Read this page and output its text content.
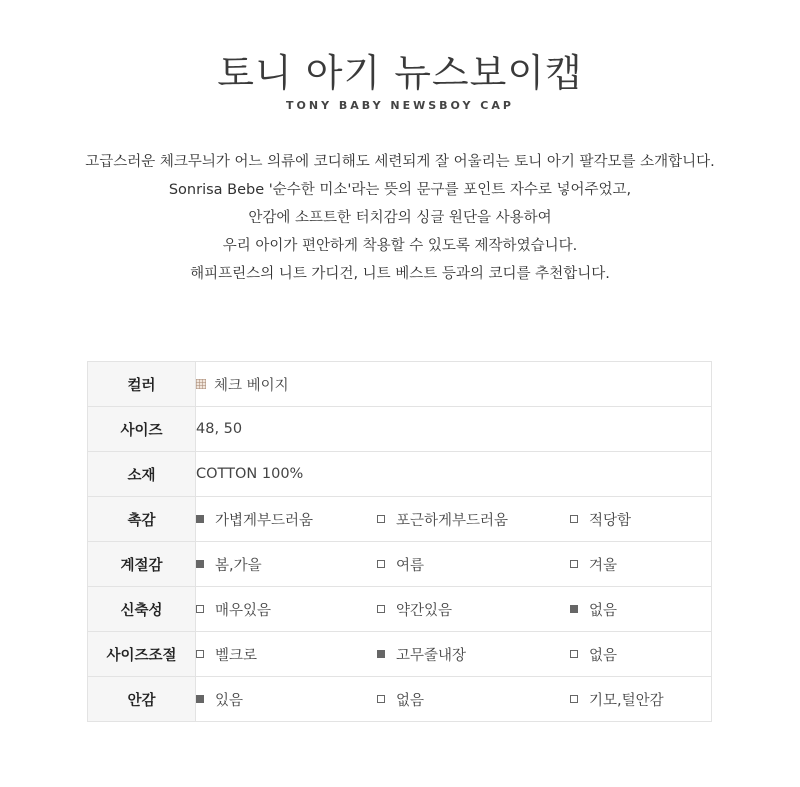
토니 아기 뉴스보이캡
TONY BABY NEWSBOY CAP
고급스러운 체크무늬가 어느 의류에 코디해도 세련되게 잘 어울리는 토니 아기 팔각모를 소개합니다.
Sonrisa Bebe '순수한 미소'라는 뜻의 문구를 포인트 자수로 넣어주었고,
안감에 소프트한 터치감의 싱글 원단을 사용하여
우리 아이가 편안하게 착용할 수 있도록 제작하였습니다.
해피프린스의 니트 가디건, 니트 베스트 등과의 코디를 추천합니다.
컬러	체크 베이지

사이즈	48, 50
소재	COTTON 100%
촉감	가볍게부드러움 포근하게부드러움 적당함

계절감	봄,가을 여름 겨울

신축성	매우있음 약간있음 없음

사이즈조절	벨크로 고무줄내장 없음

안감	있음 없음 기모,털안감
